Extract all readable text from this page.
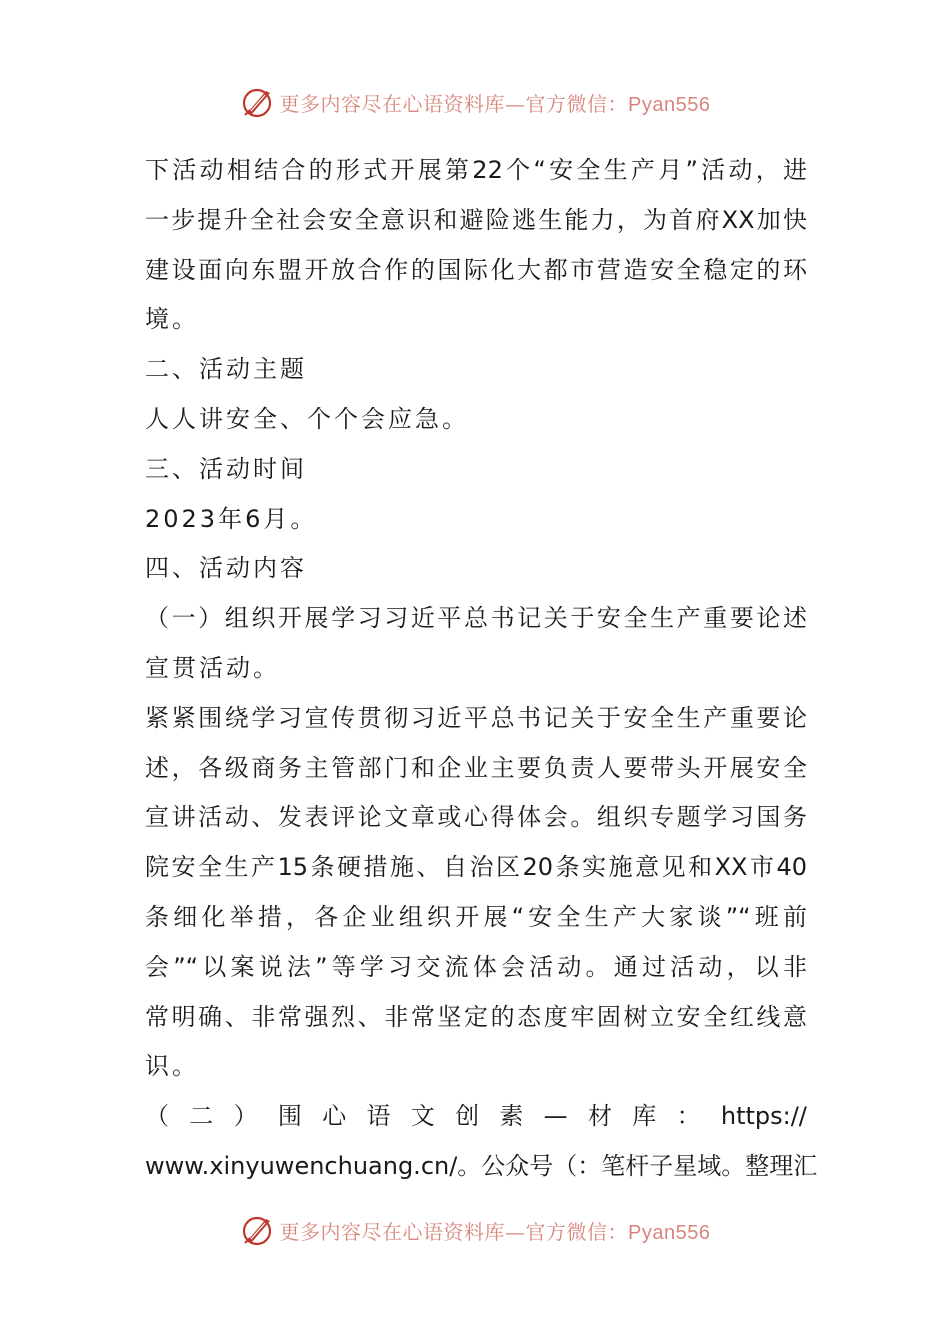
更多内容尽在心语资料库—官方微信：Pyan556
下活动相结合的形式开展第22个“安全生产月”活动，进
一步提升全社会安全意识和避险逃生能力，为首府XX加快
建设面向东盟开放合作的国际化大都市营造安全稳定的环
境。
二、活动主题
人人讲安全、个个会应急。
三、活动时间
2023年6月。
四、活动内容
（一）组织开展学习习近平总书记关于安全生产重要论述
宣贯活动。
紧紧围绕学习宣传贯彻习近平总书记关于安全生产重要论
述，各级商务主管部门和企业主要负责人要带头开展安全
宣讲活动、发表评论文章或心得体会。组织专题学习国务
院安全生产15条硬措施、自治区20条实施意见和XX市40
条细化举措，各企业组织开展“安全生产大家谈”“班前
会”“以案说法”等学习交流体会活动。通过活动，以非
常明确、非常强烈、非常坚定的态度牢固树立安全红线意
识。
（ 二 ） 围 心 语 文 创 素 — 材 库 ： https://
www.xinyuwenchuang.cn/。公众号（：笔杆子星域。整理汇
更多内容尽在心语资料库—官方微信：Pyan556
